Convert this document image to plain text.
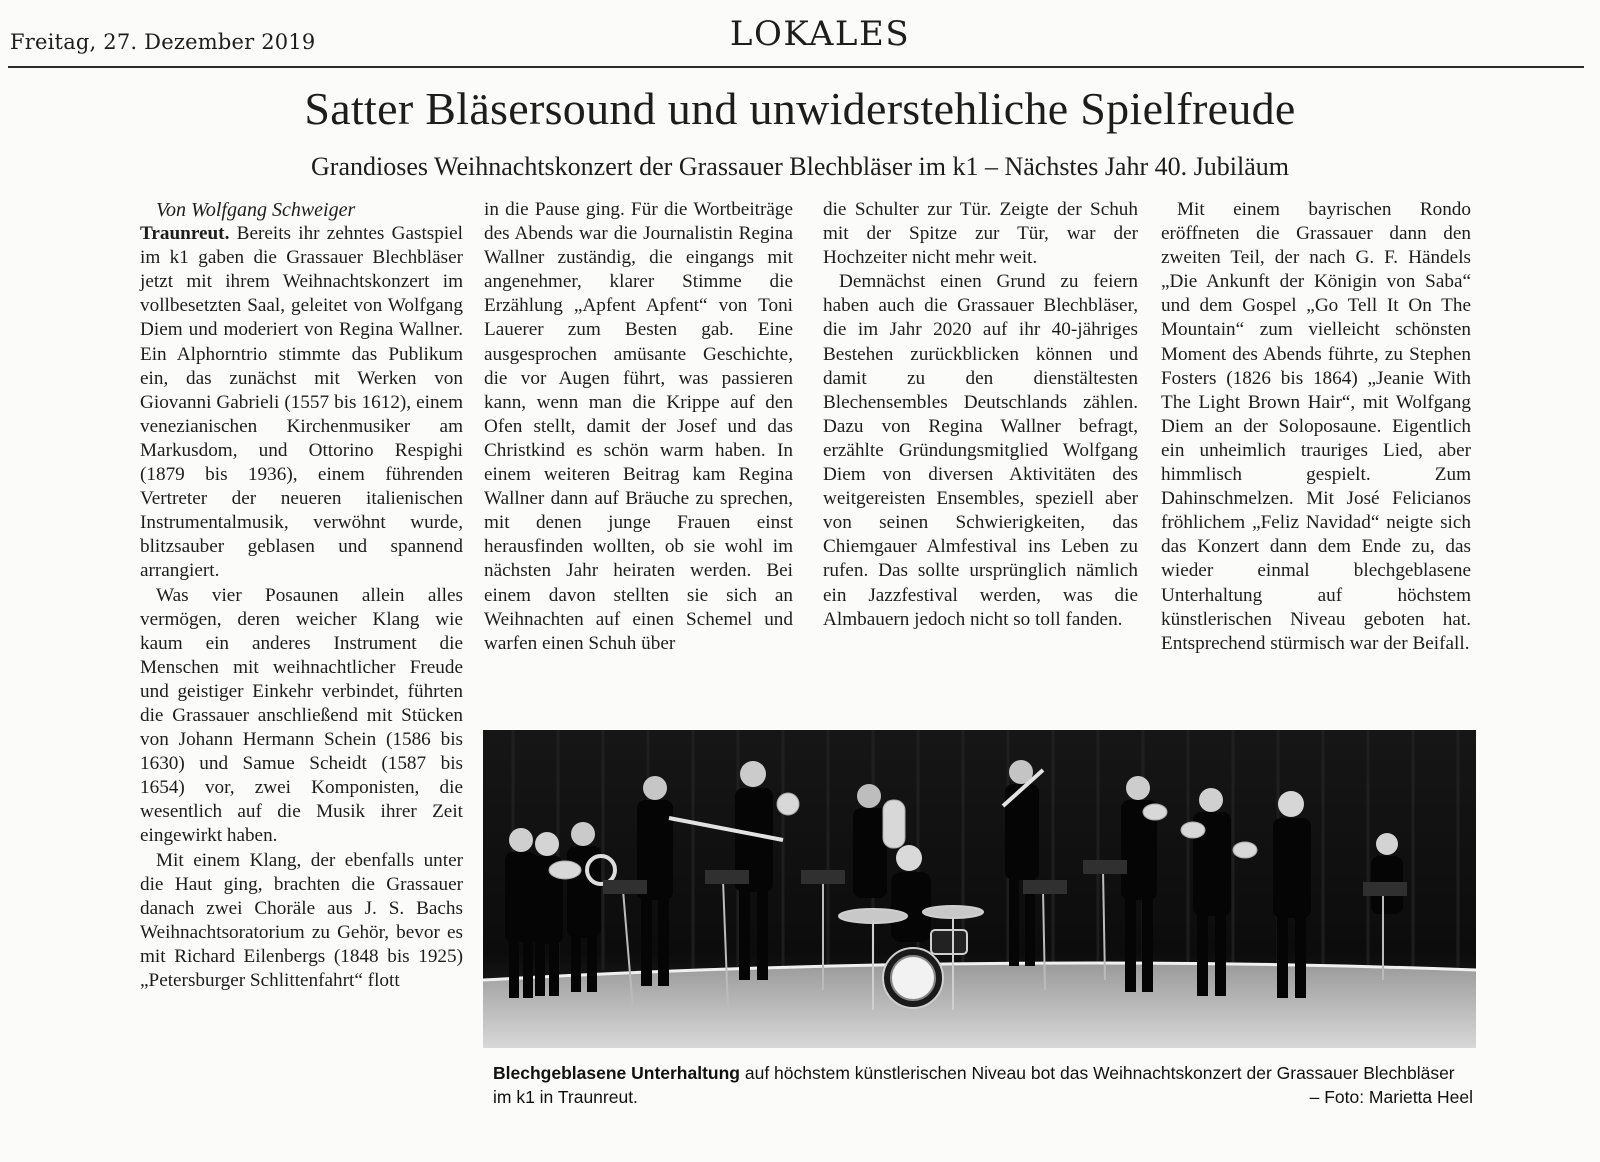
Freitag, 27. Dezember 2019	LOKALES
Satter Bläsersound und unwiderstehliche Spielfreude
Grandioses Weihnachtskonzert der Grassauer Blechbläser im k1 – Nächstes Jahr 40. Jubiläum

Von Wolfgang Schweiger

Traunreut. Bereits ihr zehntes Gastspiel im k1 gaben die Grassauer Blechbläser jetzt mit ihrem Weihnachtskonzert im vollbesetzten Saal, geleitet von Wolfgang Diem und moderiert von Regina Wallner. Ein Alphorntrio stimmte das Publikum ein, das zunächst mit Werken von Giovanni Gabrieli (1557 bis 1612), einem venezianischen Kirchenmusiker am Markusdom, und Ottorino Respighi (1879 bis 1936), einem führenden Vertreter der neueren italienischen Instrumentalmusik, verwöhnt wurde, blitzsauber geblasen und spannend arrangiert.

Was vier Posaunen allein alles vermögen, deren weicher Klang wie kaum ein anderes Instrument die Menschen mit weihnachtlicher Freude und geistiger Einkehr verbindet, führten die Grassauer anschließend mit Stücken von Johann Hermann Schein (1586 bis 1630) und Samue Scheidt (1587 bis 1654) vor, zwei Komponisten, die wesentlich auf die Musik ihrer Zeit eingewirkt haben.

Mit einem Klang, der ebenfalls unter die Haut ging, brachten die Grassauer danach zwei Choräle aus J. S. Bachs Weihnachtsoratorium zu Gehör, bevor es mit Richard Eilenbergs (1848 bis 1925) „Petersburger Schlittenfahrt“ flott

in die Pause ging. Für die Wortbeiträge des Abends war die Journalistin Regina Wallner zuständig, die eingangs mit angenehmer, klarer Stimme die Erzählung „Apfent Apfent“ von Toni Lauerer zum Besten gab. Eine ausgesprochen amüsante Geschichte, die vor Augen führt, was passieren kann, wenn man die Krippe auf den Ofen stellt, damit der Josef und das Christkind es schön warm haben. In einem weiteren Beitrag kam Regina Wallner dann auf Bräuche zu sprechen, mit denen junge Frauen einst herausfinden wollten, ob sie wohl im nächsten Jahr heiraten werden. Bei einem davon stellten sie sich an Weihnachten auf einen Schemel und warfen einen Schuh über

die Schulter zur Tür. Zeigte der Schuh mit der Spitze zur Tür, war der Hochzeiter nicht mehr weit.

Demnächst einen Grund zu feiern haben auch die Grassauer Blechbläser, die im Jahr 2020 auf ihr 40-jähriges Bestehen zurückblicken können und damit zu den dienstältesten Blechensembles Deutschlands zählen. Dazu von Regina Wallner befragt, erzählte Gründungsmitglied Wolfgang Diem von diversen Aktivitäten des weitgereisten Ensembles, speziell aber von seinen Schwierigkeiten, das Chiemgauer Almfestival ins Leben zu rufen. Das sollte ursprünglich nämlich ein Jazzfestival werden, was die Almbauern jedoch nicht so toll fanden.

Mit einem bayrischen Rondo eröffneten die Grassauer dann den zweiten Teil, der nach G. F. Händels „Die Ankunft der Königin von Saba“ und dem Gospel „Go Tell It On The Mountain“ zum vielleicht schönsten Moment des Abends führte, zu Stephen Fosters (1826 bis 1864) „Jeanie With The Light Brown Hair“, mit Wolfgang Diem an der Soloposaune. Eigentlich ein unheimlich trauriges Lied, aber himmlisch gespielt. Zum Dahinschmelzen. Mit José Felicianos fröhlichem „Feliz Navidad“ neigte sich das Konzert dann dem Ende zu, das wieder einmal blechgeblasene Unterhaltung auf höchstem künstlerischen Niveau geboten hat. Entsprechend stürmisch war der Beifall.

Blechgeblasene Unterhaltung auf höchstem künstlerischen Niveau bot das Weihnachtskonzert der Grassauer Blechbläser im k1 in Traunreut.	– Foto: Marietta Heel
